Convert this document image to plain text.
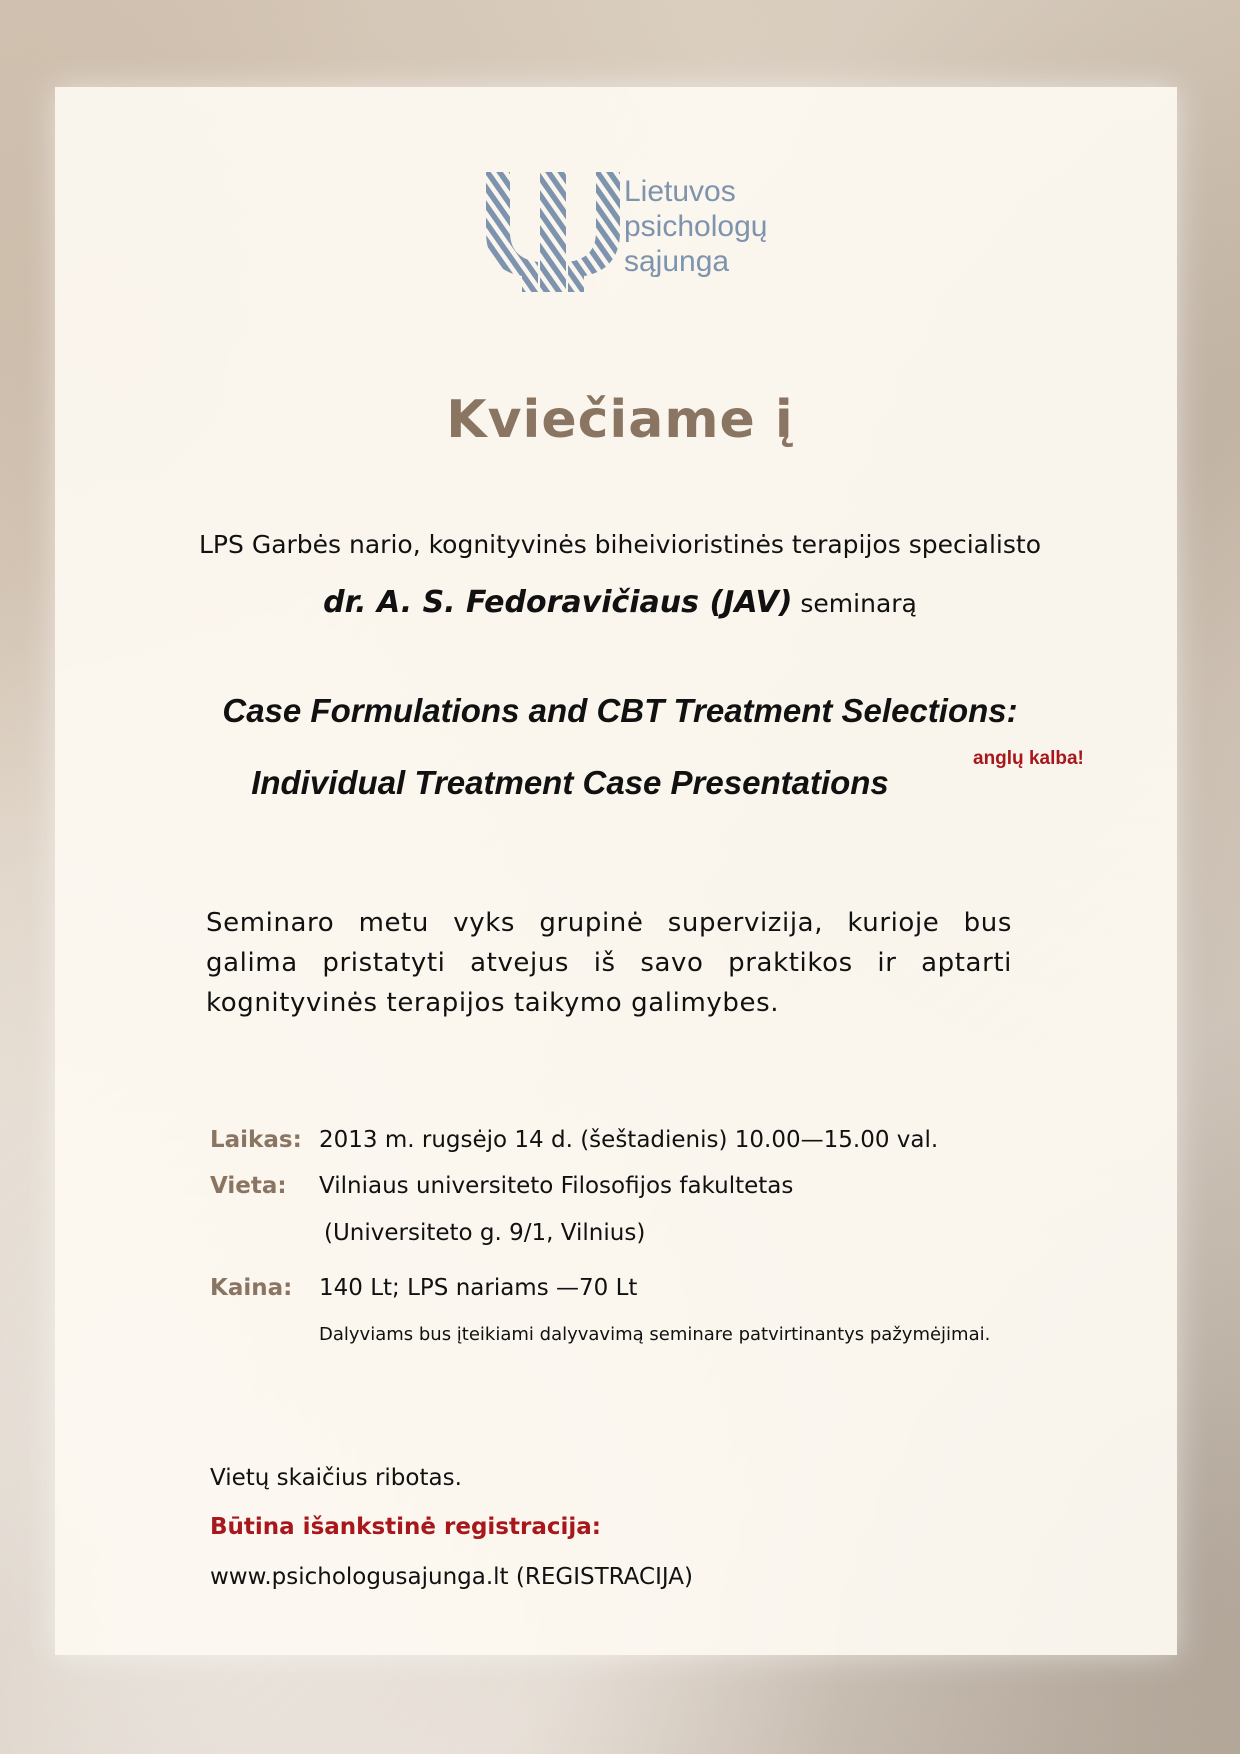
Lietuvos
psichologų
sąjunga
Kviečiame į
LPS Garbės nario, kognityvinės biheivioristinės terapijos specialisto
dr. A. S. Fedoravičiaus (JAV) seminarą
Case Formulations and CBT Treatment Selections:
Individual Treatment Case Presentations
anglų kalba!
Seminaro metu vyks grupinė supervizija, kurioje bus galima pristatyti atvejus iš savo praktikos ir aptarti kognityvinės terapijos taikymo galimybes.
Laikas: 2013 m. rugsėjo 14 d. (šeštadienis) 10.00—15.00 val.
Vieta: Vilniaus universiteto Filosofijos fakultetas
(Universiteto g. 9/1, Vilnius)
Kaina: 140 Lt; LPS nariams —70 Lt
Dalyviams bus įteikiami dalyvavimą seminare patvirtinantys pažymėjimai.
Vietų skaičius ribotas.
Būtina išankstinė registracija:
www.psichologusajunga.lt (REGISTRACIJA)
